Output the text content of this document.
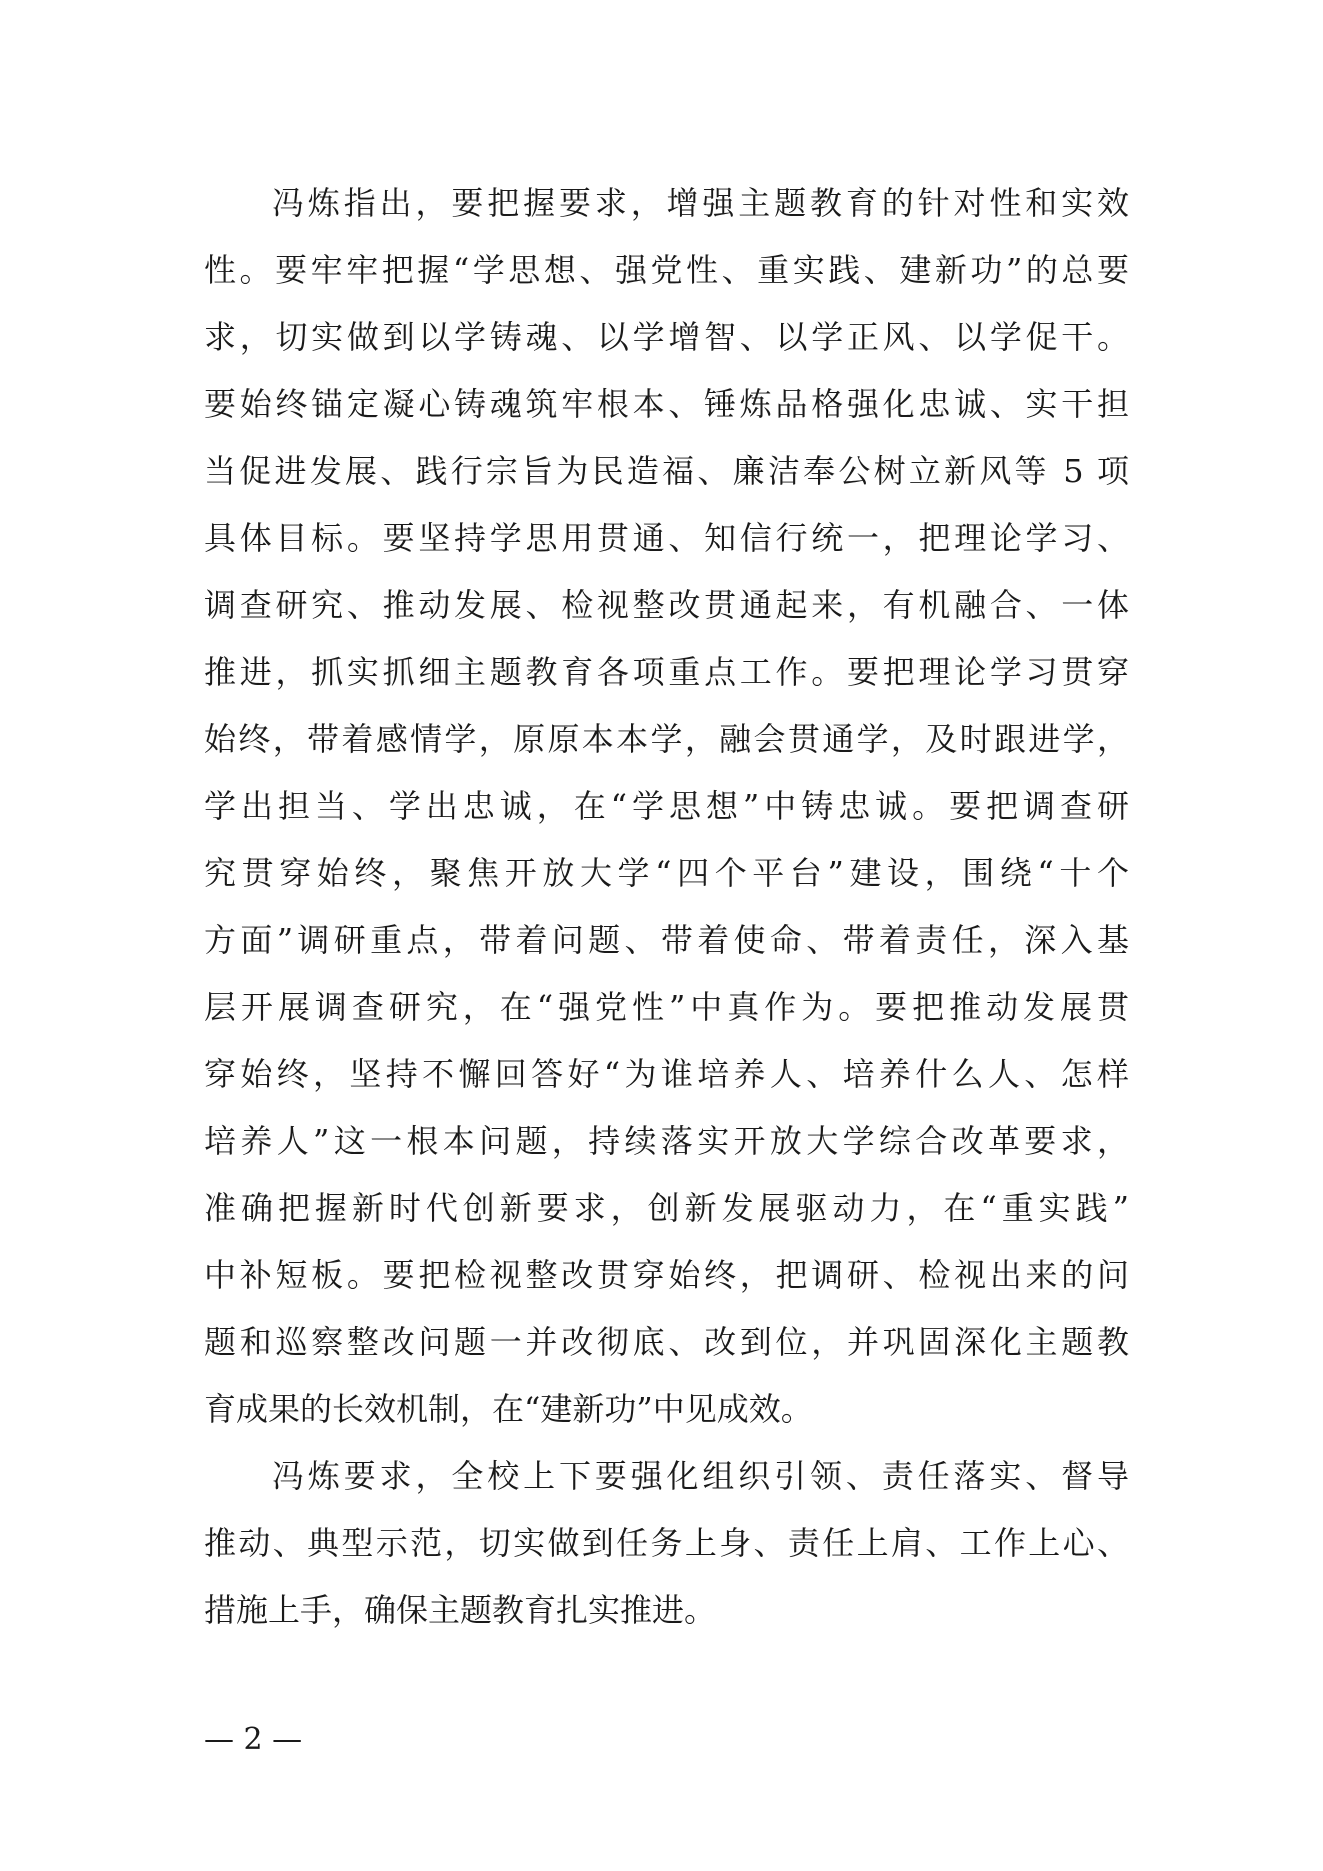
冯炼指出，要把握要求，增强主题教育的针对性和实效
性。要牢牢把握“学思想、强党性、重实践、建新功”的总要
求，切实做到以学铸魂、以学增智、以学正风、以学促干。
要始终锚定凝心铸魂筑牢根本、锤炼品格强化忠诚、实干担
当促进发展、践行宗旨为民造福、廉洁奉公树立新风等 5 项
具体目标。要坚持学思用贯通、知信行统一，把理论学习、
调查研究、推动发展、检视整改贯通起来，有机融合、一体
推进，抓实抓细主题教育各项重点工作。要把理论学习贯穿
始终，带着感情学，原原本本学，融会贯通学，及时跟进学，
学出担当、学出忠诚，在“学思想”中铸忠诚。要把调查研
究贯穿始终，聚焦开放大学“四个平台”建设，围绕“十个
方面”调研重点，带着问题、带着使命、带着责任，深入基
层开展调查研究，在“强党性”中真作为。要把推动发展贯
穿始终，坚持不懈回答好“为谁培养人、培养什么人、怎样
培养人”这一根本问题，持续落实开放大学综合改革要求，
准确把握新时代创新要求，创新发展驱动力，在“重实践”
中补短板。要把检视整改贯穿始终，把调研、检视出来的问
题和巡察整改问题一并改彻底、改到位，并巩固深化主题教
育成果的长效机制，在“建新功”中见成效。
冯炼要求，全校上下要强化组织引领、责任落实、督导
推动、典型示范，切实做到任务上身、责任上肩、工作上心、
措施上手，确保主题教育扎实推进。
— 2 —
